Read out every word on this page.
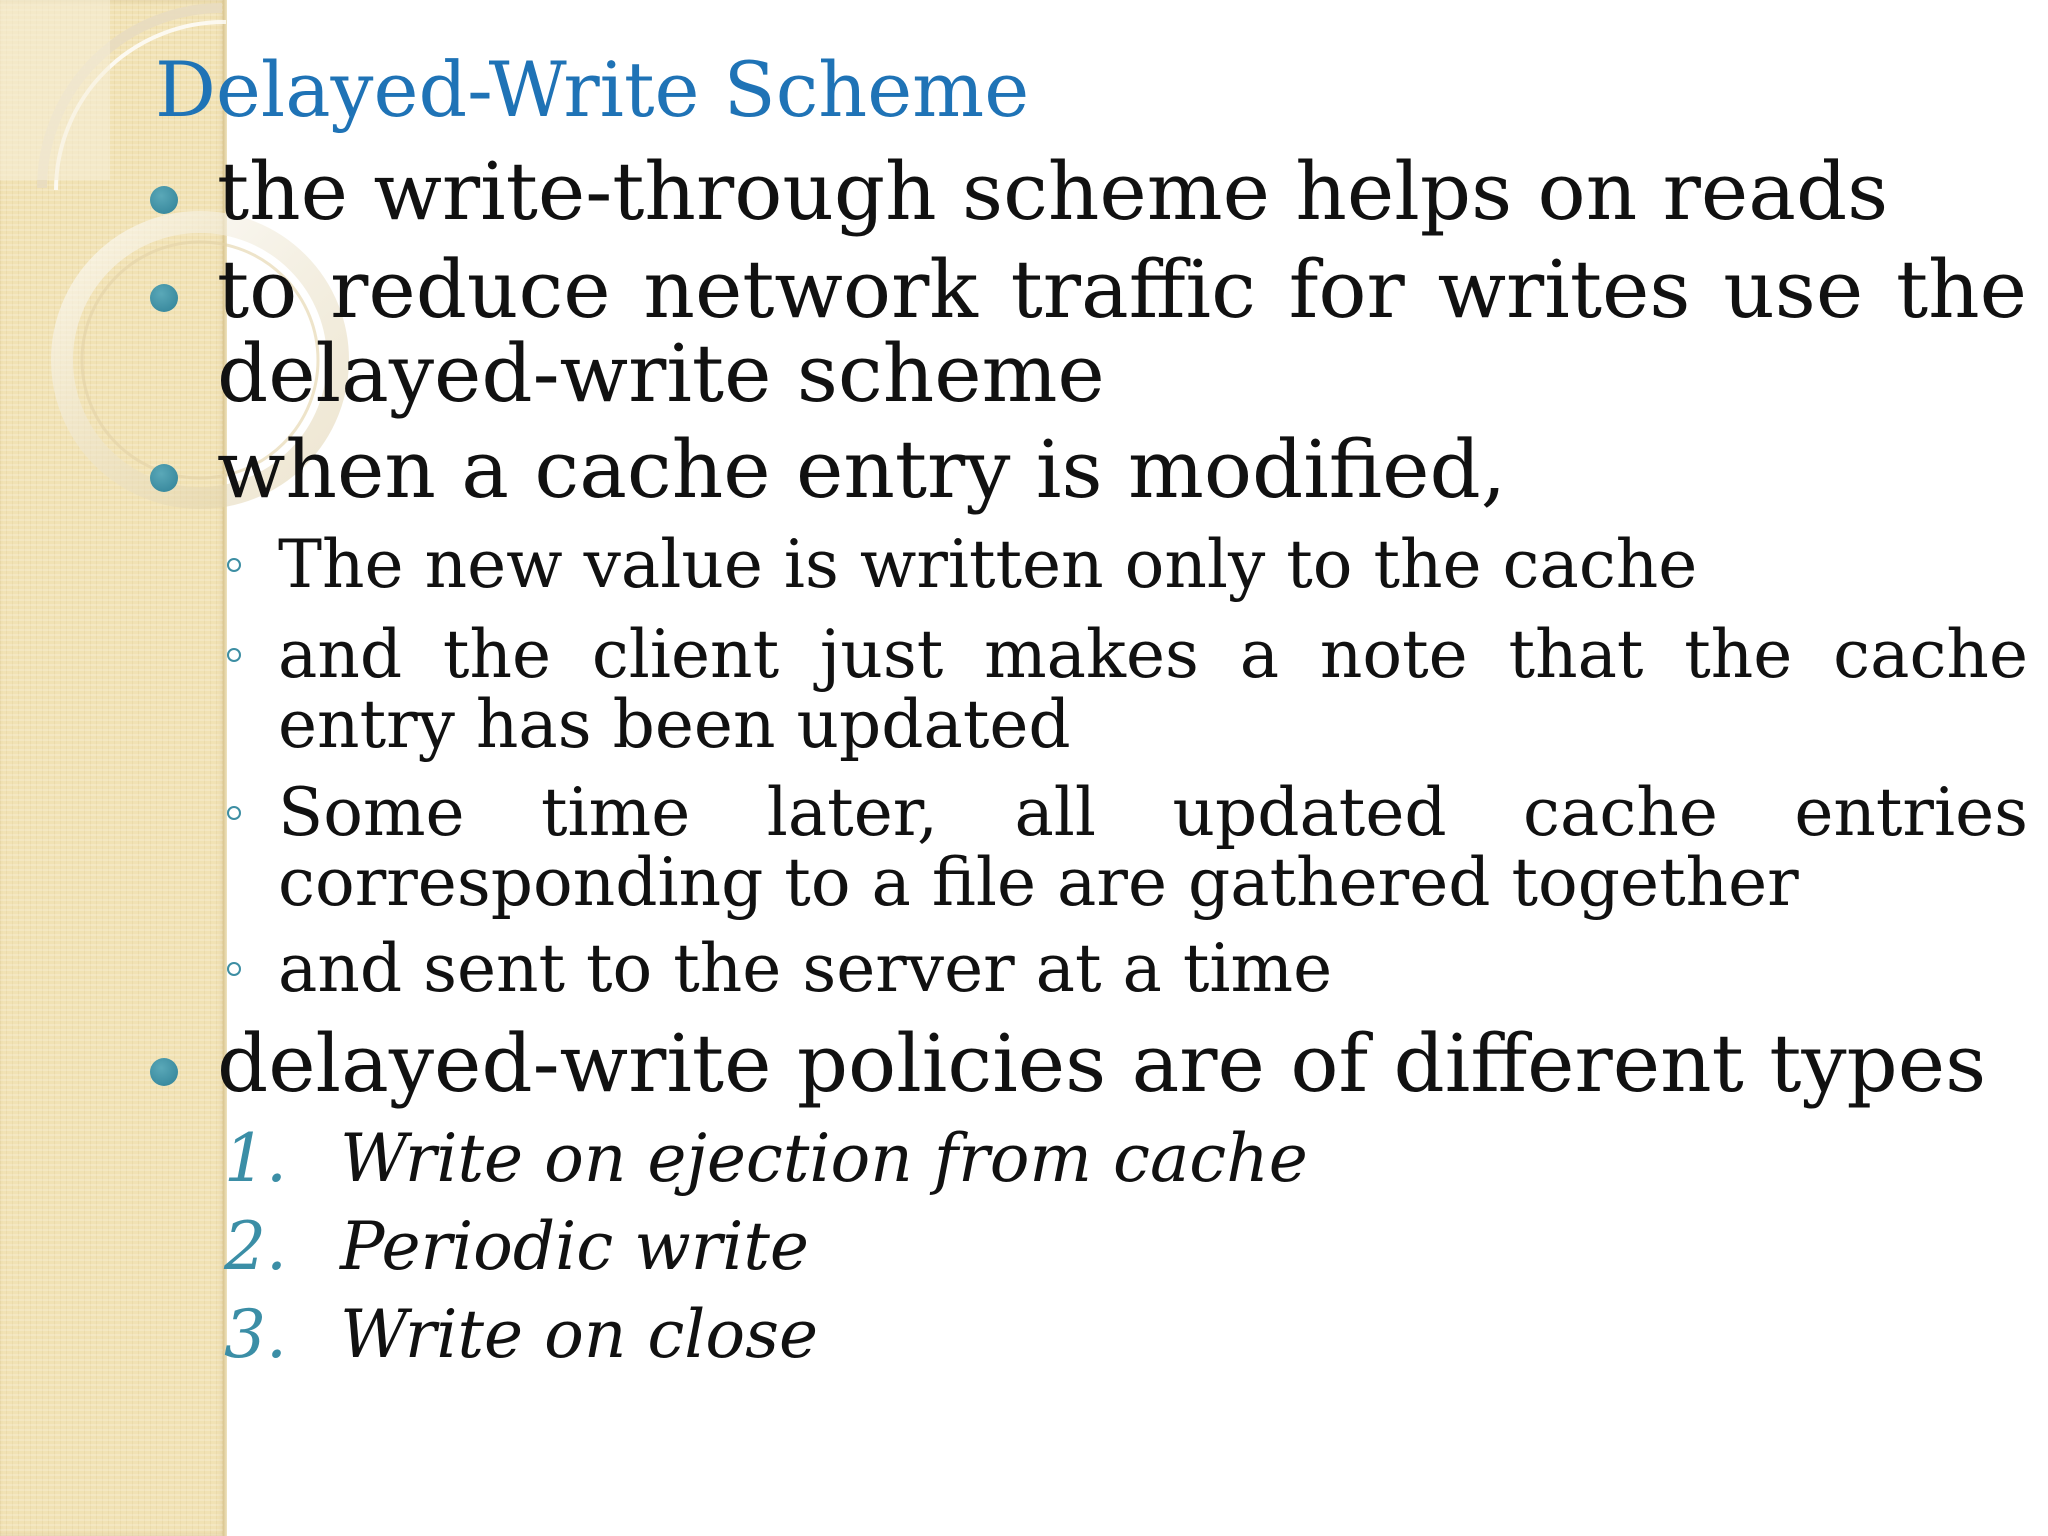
Delayed-Write Scheme
the write-through scheme helps on reads
to reduce network traffic for writes use the delayed-write scheme
when a cache entry is modified,
The new value is written only to the cache
and the client just makes a note that the cache entry has been updated
Some time later, all updated cache entries corresponding to a file are gathered together
and sent to the server at a time
delayed-write policies are of different types
1. Write on ejection from cache
2. Periodic write
3. Write on close
